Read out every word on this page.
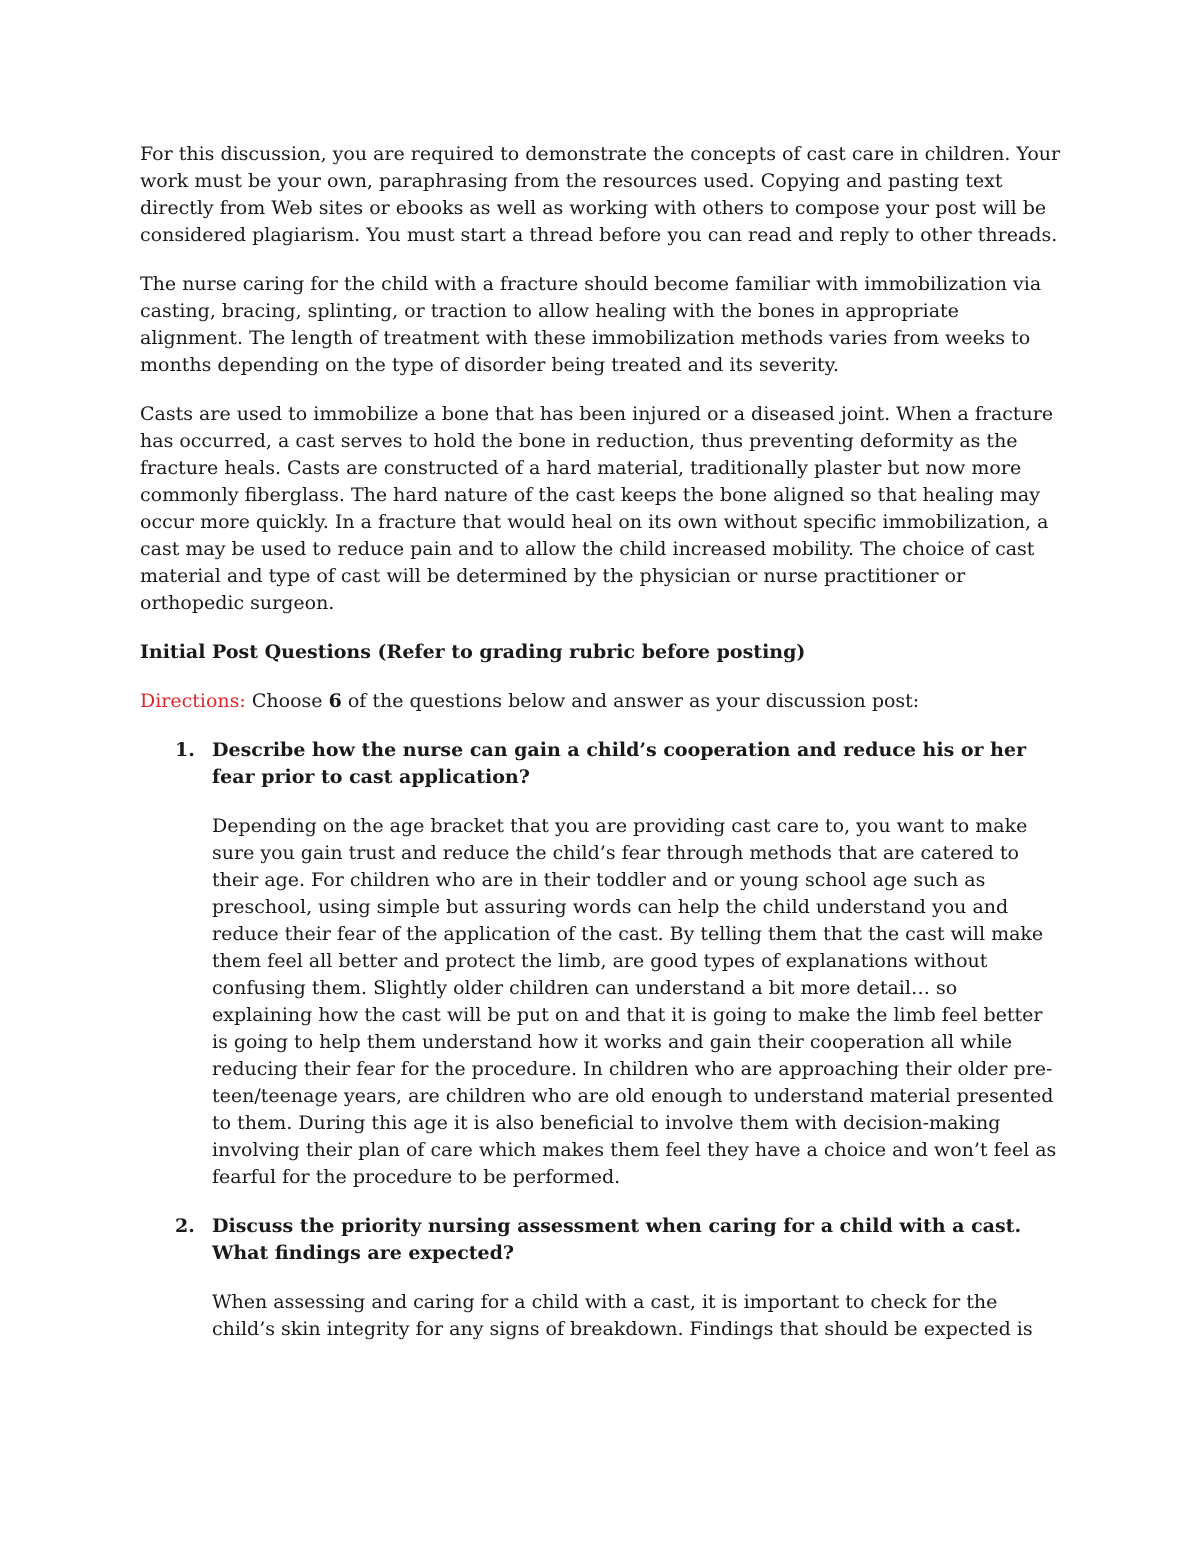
For this discussion, you are required to demonstrate the concepts of cast care in children. Your work must be your own, paraphrasing from the resources used. Copying and pasting text directly from Web sites or ebooks as well as working with others to compose your post will be considered plagiarism. You must start a thread before you can read and reply to other threads.

The nurse caring for the child with a fracture should become familiar with immobilization via casting, bracing, splinting, or traction to allow healing with the bones in appropriate alignment. The length of treatment with these immobilization methods varies from weeks to months depending on the type of disorder being treated and its severity.

Casts are used to immobilize a bone that has been injured or a diseased joint. When a fracture has occurred, a cast serves to hold the bone in reduction, thus preventing deformity as the fracture heals. Casts are constructed of a hard material, traditionally plaster but now more commonly fiberglass. The hard nature of the cast keeps the bone aligned so that healing may occur more quickly. In a fracture that would heal on its own without specific immobilization, a cast may be used to reduce pain and to allow the child increased mobility. The choice of cast material and type of cast will be determined by the physician or nurse practitioner or orthopedic surgeon.

Initial Post Questions (Refer to grading rubric before posting)

Directions: Choose 6 of the questions below and answer as your discussion post:

1. Describe how the nurse can gain a child’s cooperation and reduce his or her fear prior to cast application?

Depending on the age bracket that you are providing cast care to, you want to make sure you gain trust and reduce the child’s fear through methods that are catered to their age. For children who are in their toddler and or young school age such as preschool, using simple but assuring words can help the child understand you and reduce their fear of the application of the cast. By telling them that the cast will make them feel all better and protect the limb, are good types of explanations without confusing them. Slightly older children can understand a bit more detail… so explaining how the cast will be put on and that it is going to make the limb feel better is going to help them understand how it works and gain their cooperation all while reducing their fear for the procedure. In children who are approaching their older pre-teen/teenage years, are children who are old enough to understand material presented to them. During this age it is also beneficial to involve them with decision-making involving their plan of care which makes them feel they have a choice and won’t feel as fearful for the procedure to be performed.

2. Discuss the priority nursing assessment when caring for a child with a cast. What findings are expected?

When assessing and caring for a child with a cast, it is important to check for the child’s skin integrity for any signs of breakdown. Findings that should be expected is
